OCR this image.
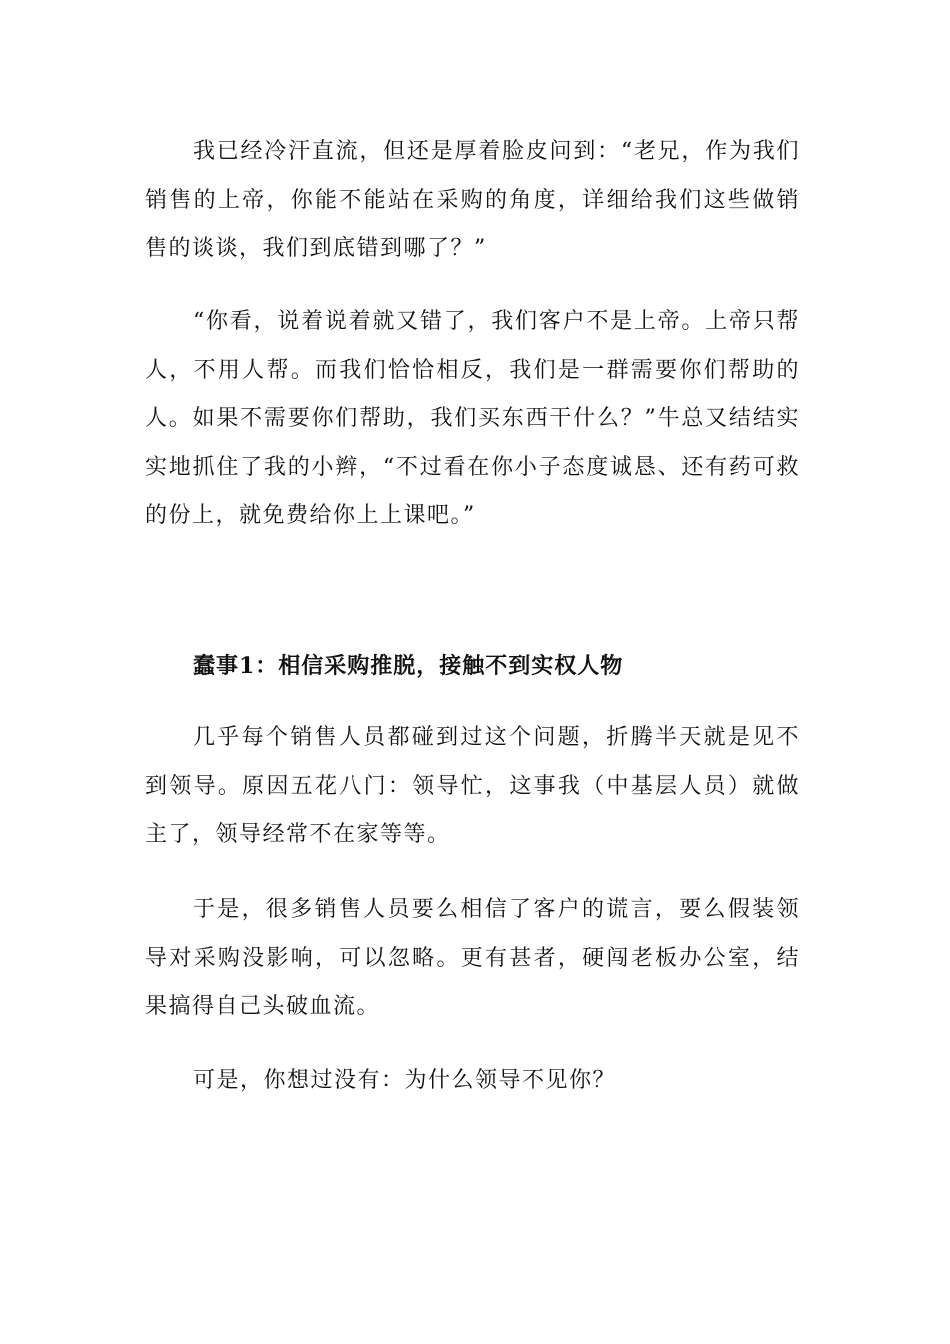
我已经冷汗直流，但还是厚着脸皮问到：“老兄，作为我们销售的上帝，你能不能站在采购的角度，详细给我们这些做销售的谈谈，我们到底错到哪了？”

“你看，说着说着就又错了，我们客户不是上帝。上帝只帮人，不用人帮。而我们恰恰相反，我们是一群需要你们帮助的人。如果不需要你们帮助，我们买东西干什么？”牛总又结结实实地抓住了我的小辫，“不过看在你小子态度诚恳、还有药可救的份上，就免费给你上上课吧。”

蠢事1：相信采购推脱，接触不到实权人物

几乎每个销售人员都碰到过这个问题，折腾半天就是见不到领导。原因五花八门：领导忙，这事我（中基层人员）就做主了，领导经常不在家等等。

于是，很多销售人员要么相信了客户的谎言，要么假装领导对采购没影响，可以忽略。更有甚者，硬闯老板办公室，结果搞得自己头破血流。

可是，你想过没有：为什么领导不见你？
